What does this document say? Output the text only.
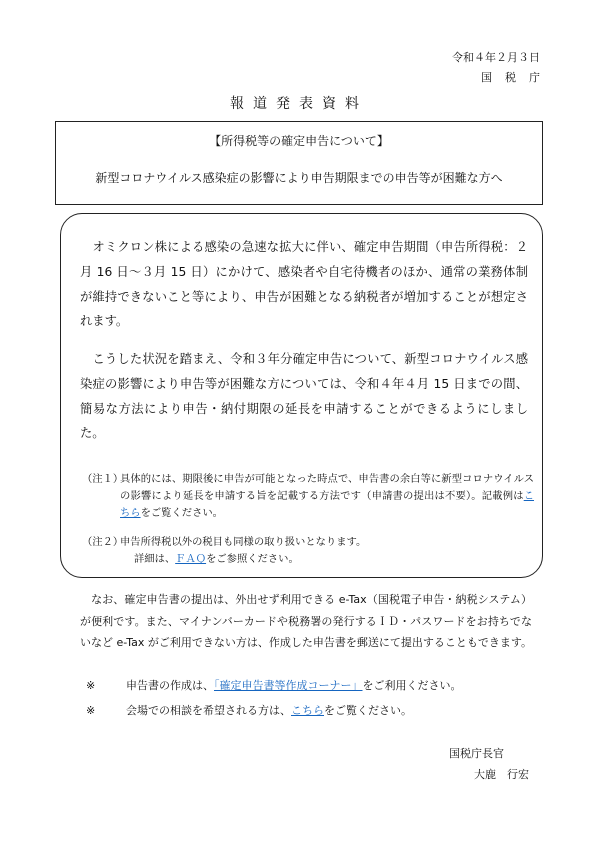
令和４年２月３日
国税庁
報道発表資料
【所得税等の確定申告について】
新型コロナウイルス感染症の影響により申告期限までの申告等が困難な方へ
　オミクロン株による感染の急速な拡大に伴い、確定申告期間（申告所得税：２月 16 日～３月 15 日）にかけて、感染者や自宅待機者のほか、通常の業務体制が維持できないこと等により、申告が困難となる納税者が増加することが想定されます。
　こうした状況を踏まえ、令和３年分確定申告について、新型コロナウイルス感染症の影響により申告等が困難な方については、令和４年４月 15 日までの間、簡易な方法により申告・納付期限の延長を申請することができるようにしました。
（注１）
具体的には、期限後に申告が可能となった時点で、申告書の余白等に新型コロナウイルスの影響により延長を申請する旨を記載する方法です（申請書の提出は不要）。記載例はこちらをご覧ください。
（注２）
申告所得税以外の税目も同様の取り扱いとなります。
詳細は、ＦＡＱをご参照ください。
　なお、確定申告書の提出は、外出せず利用できる e-Tax（国税電子申告・納税システム）が便利です。また、マイナンバーカードや税務署の発行するＩＤ・パスワードをお持ちでないなど e-Tax がご利用できない方は、作成した申告書を郵送にて提出することもできます。
※	申告書の作成は、「確定申告書等作成コーナー」をご利用ください。
※	会場での相談を希望される方は、こちらをご覧ください。
国税庁長官
大鹿　行宏
